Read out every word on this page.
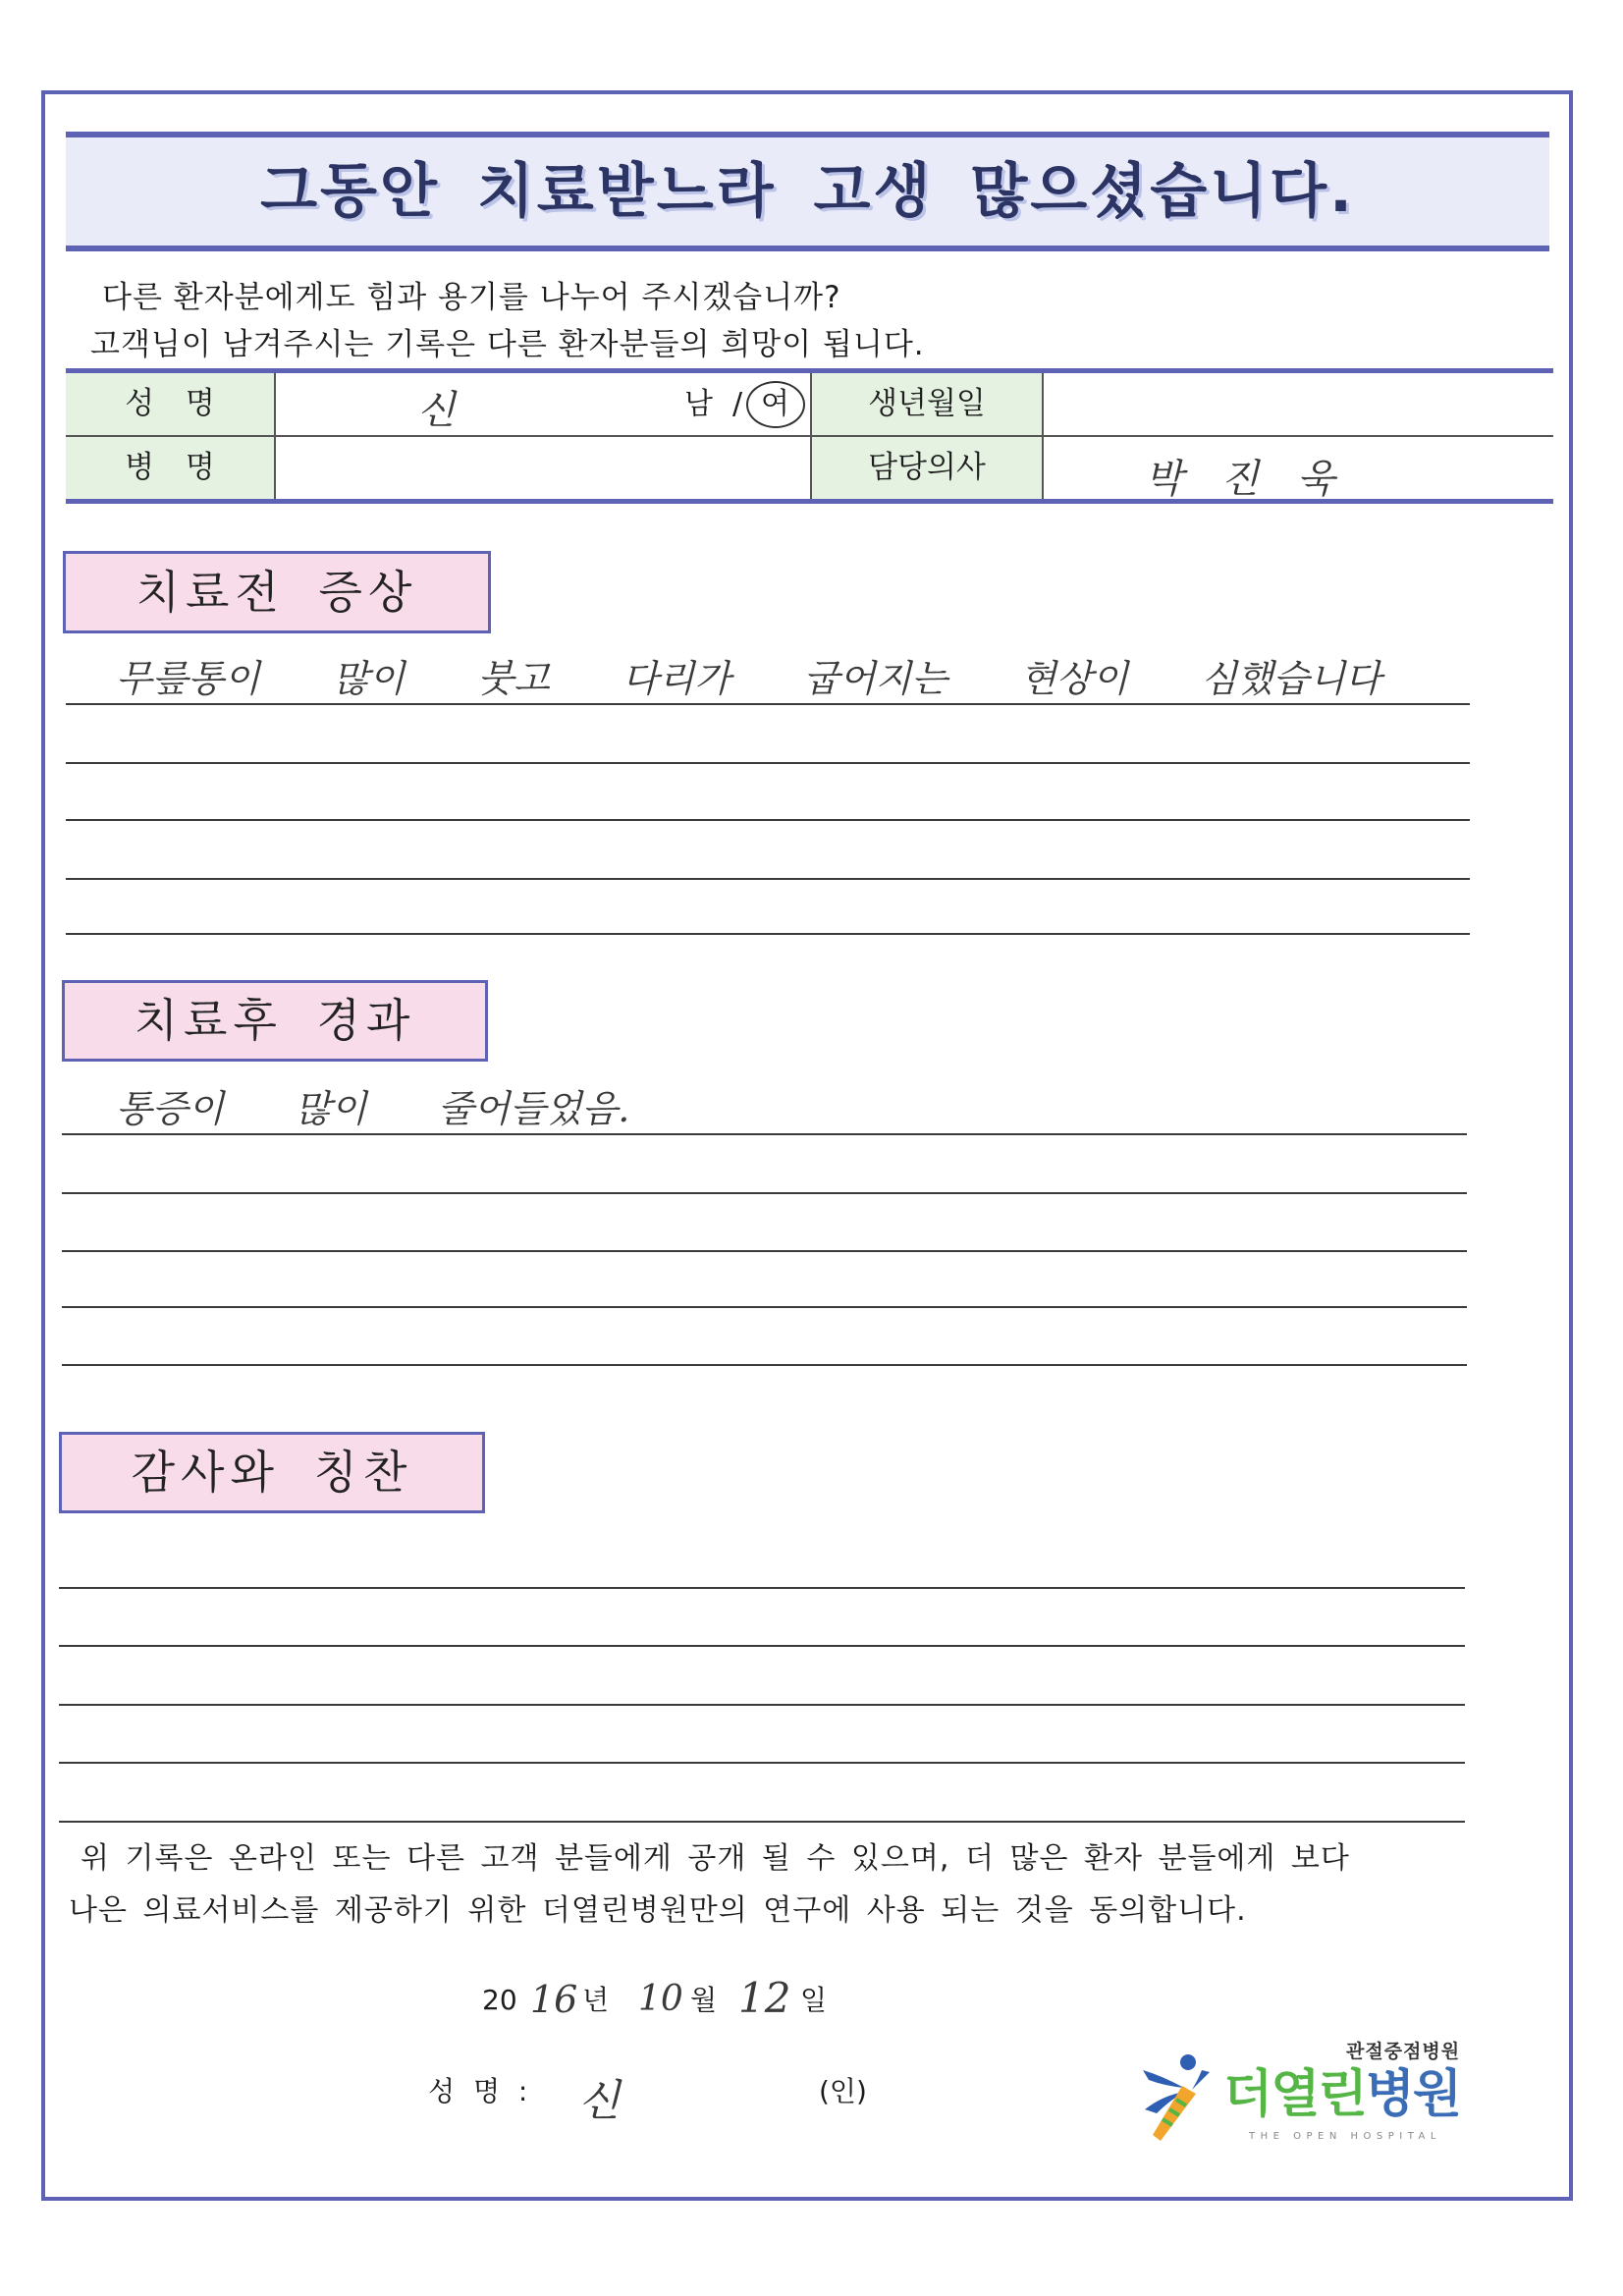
그동안 치료받느라 고생 많으셨습니다.
다른 환자분에게도 힘과 용기를 나누어 주시겠습니까?
고객님이 남겨주시는 기록은 다른 환자분들의 희망이 됩니다.
성 명
병 명
생년월일
담당의사
신	남 / 여
박 진 욱
치료전 증상
무릎통이 많이 붓고 다리가 굽어지는 현상이 심했습니다
치료후 경과
통증이 많이 줄어들었음.
감사와 칭찬
위 기록은 온라인 또는 다른 고객 분들에게 공개 될 수 있으며, 더 많은 환자 분들에게 보다
나은 의료서비스를 제공하기 위한 더열린병원만의 연구에 사용 되는 것을 동의합니다.
20 16 년 10 월 12 일
성 명 : 신	(인)
관절중점병원
더열린병원
THE OPEN HOSPITAL
